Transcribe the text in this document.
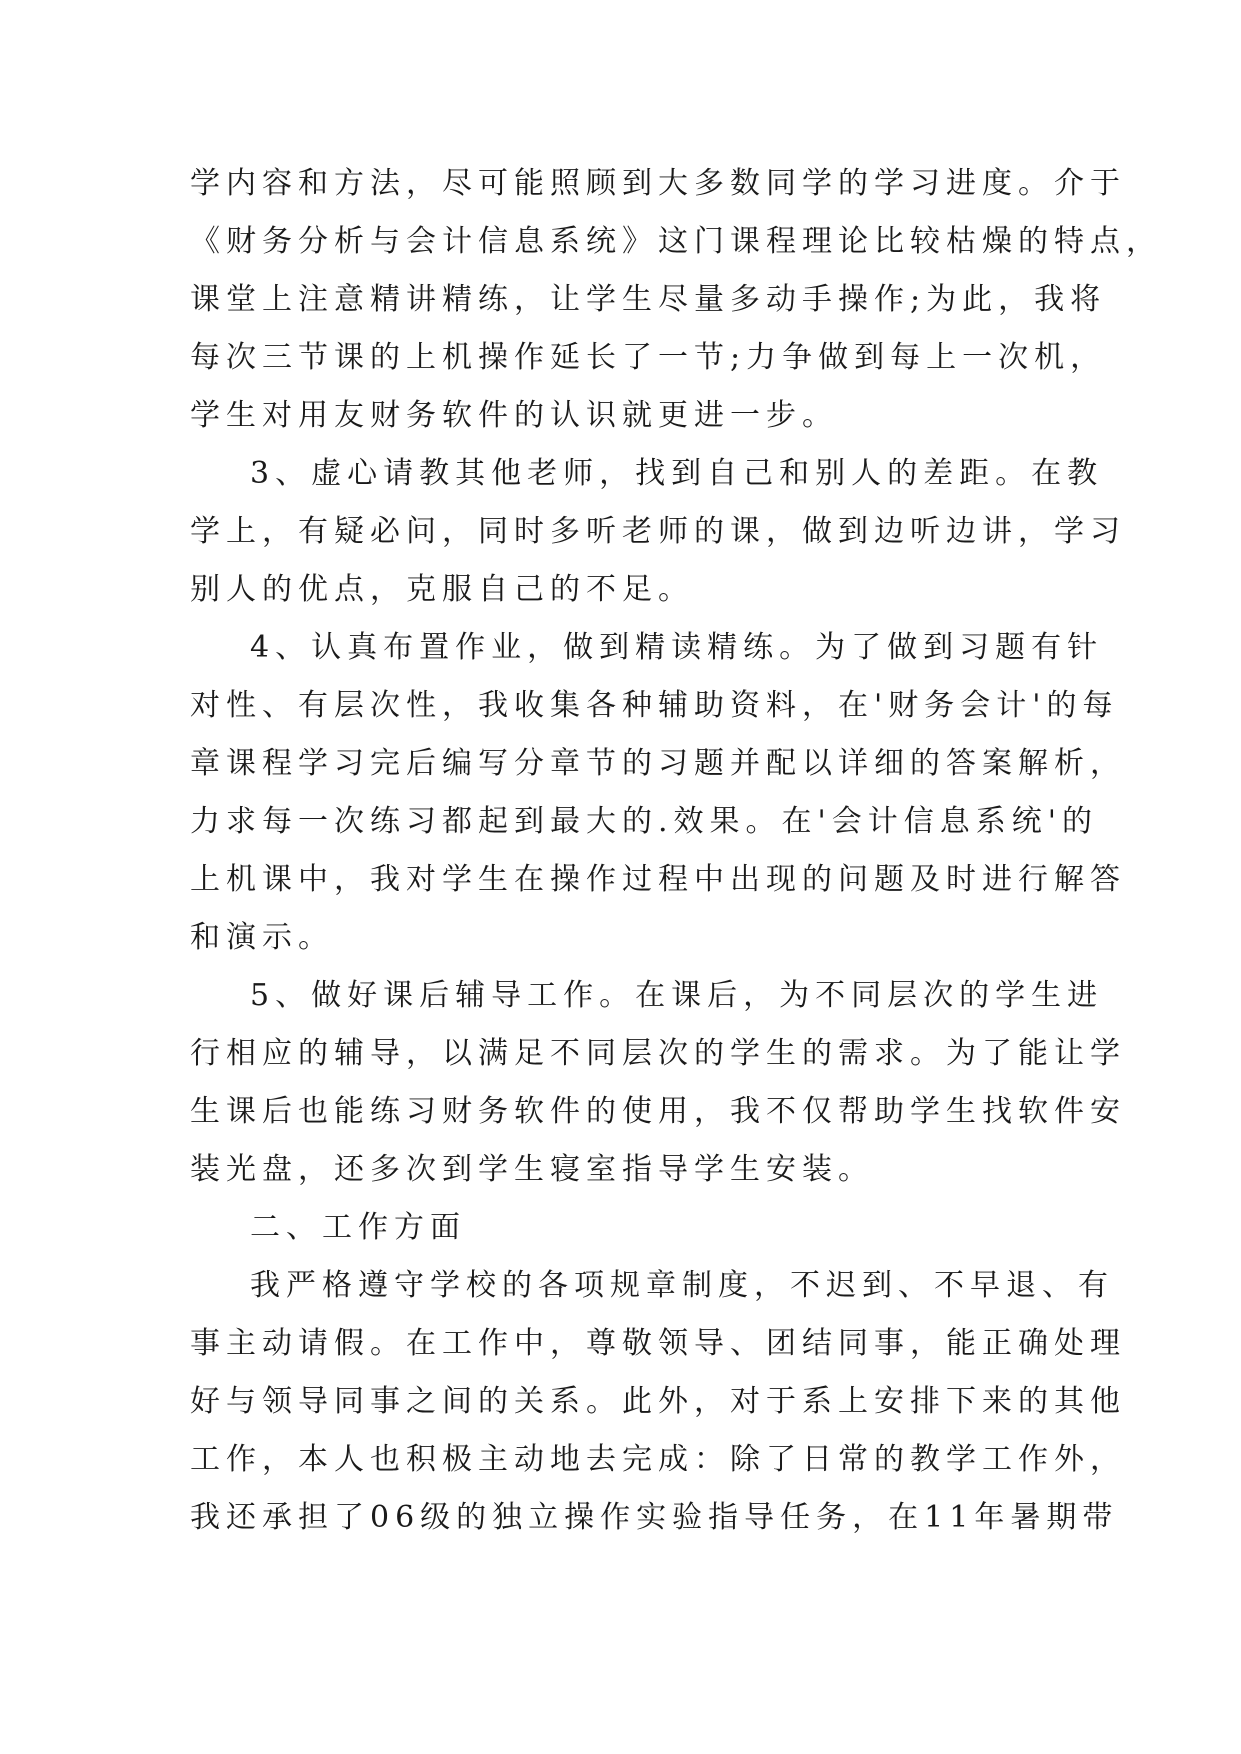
学内容和方法，尽可能照顾到大多数同学的学习进度。介于
《财务分析与会计信息系统》这门课程理论比较枯燥的特点，
课堂上注意精讲精练，让学生尽量多动手操作;为此，我将
每次三节课的上机操作延长了一节;力争做到每上一次机，
学生对用友财务软件的认识就更进一步。
3、虚心请教其他老师，找到自己和别人的差距。在教
学上，有疑必问，同时多听老师的课，做到边听边讲，学习
别人的优点，克服自己的不足。
4、认真布置作业，做到精读精练。为了做到习题有针
对性、有层次性，我收集各种辅助资料，在'财务会计'的每
章课程学习完后编写分章节的习题并配以详细的答案解析，
力求每一次练习都起到最大的.效果。在'会计信息系统'的
上机课中，我对学生在操作过程中出现的问题及时进行解答
和演示。
5、做好课后辅导工作。在课后，为不同层次的学生进
行相应的辅导，以满足不同层次的学生的需求。为了能让学
生课后也能练习财务软件的使用，我不仅帮助学生找软件安
装光盘，还多次到学生寝室指导学生安装。
二、工作方面
我严格遵守学校的各项规章制度，不迟到、不早退、有
事主动请假。在工作中，尊敬领导、团结同事，能正确处理
好与领导同事之间的关系。此外，对于系上安排下来的其他
工作，本人也积极主动地去完成：除了日常的教学工作外，
我还承担了06级的独立操作实验指导任务，在11年暑期带
